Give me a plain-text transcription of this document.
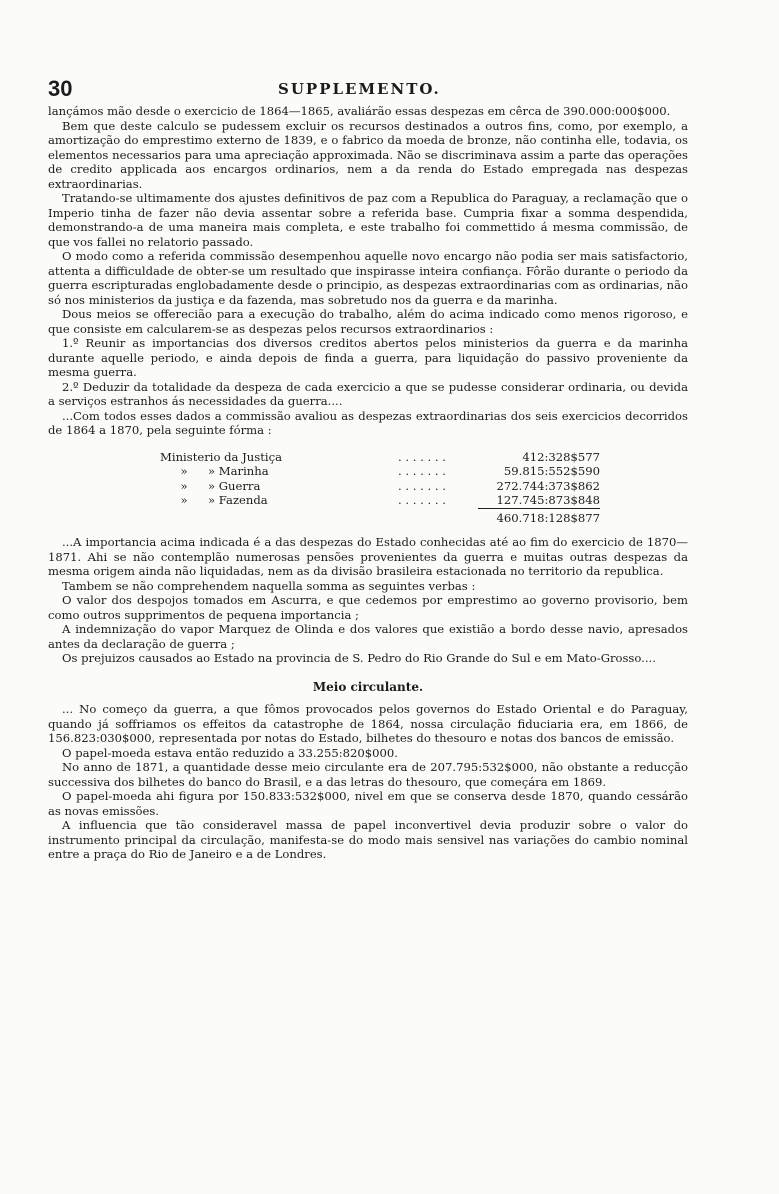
30	SUPPLEMENTO.

lançámos mão desde o exercicio de 1864—1865, avaliárão essas despezas em cêrca de 390.000:000$000.

Bem que deste calculo se pudessem excluir os recursos destinados a outros fins, como, por exemplo, a amortização do emprestimo externo de 1839, e o fabrico da moeda de bronze, não continha elle, todavia, os elementos necessarios para uma apreciação approximada. Não se discriminava assim a parte das operações de credito applicada aos encargos ordinarios, nem a da renda do Estado empregada nas despezas extraordinarias.

Tratando-se ultimamente dos ajustes definitivos de paz com a Republica do Paraguay, a reclamação que o Imperio tinha de fazer não devia assentar sobre a referida base. Cumpria fixar a somma despendida, demonstrando-a de uma maneira mais completa, e este trabalho foi commettido á mesma commissão, de que vos fallei no relatorio passado.

O modo como a referida commissão desempenhou aquelle novo encargo não podia ser mais satisfactorio, attenta a difficuldade de obter-se um resultado que inspirasse inteira confiança. Fôrão durante o periodo da guerra escripturadas englobadamente desde o principio, as despezas extraordinarias com as ordinarias, não só nos ministerios da justiça e da fazenda, mas sobretudo nos da guerra e da marinha.

Dous meios se offerecião para a execução do trabalho, além do acima indicado como menos rigoroso, e que consiste em calcularem-se as despezas pelos recursos extraordinarios :

1.º Reunir as importancias dos diversos creditos abertos pelos ministerios da guerra e da marinha durante aquelle periodo, e ainda depois de finda a guerra, para liquidação do passivo proveniente da mesma guerra.

2.º Deduzir da totalidade da despeza de cada exercicio a que se pudesse considerar ordinaria, ou devida a serviços estranhos ás necessidades da guerra....

...Com todos esses dados a commissão avaliou as despezas extraordinarias dos seis exercicios decorridos de 1864 a 1870, pela seguinte fórma :

Ministerio da Justiça		. . . . . . .	412:328$577
»	» Marinha	. . . . . . .	59.815:552$590
»	» Guerra	. . . . . . .	272.744:373$862
»	» Fazenda	. . . . . . .	127.745:873$848
			460.718:128$877

...A importancia acima indicada é a das despezas do Estado conhecidas até ao fim do exercicio de 1870—1871. Ahi se não contemplão numerosas pensões provenientes da guerra e muitas outras despezas da mesma origem ainda não liquidadas, nem as da divisão brasileira estacionada no territorio da republica.

Tambem se não comprehendem naquella somma as seguintes verbas :

O valor dos despojos tomados em Ascurra, e que cedemos por emprestimo ao governo provisorio, bem como outros supprimentos de pequena importancia ;

A indemnização do vapor Marquez de Olinda e dos valores que existião a bordo desse navio, apresados antes da declaração de guerra ;

Os prejuizos causados ao Estado na provincia de S. Pedro do Rio Grande do Sul e em Mato-Grosso....

Meio circulante.

... No começo da guerra, a que fômos provocados pelos governos do Estado Oriental e do Paraguay, quando já soffriamos os effeitos da catastrophe de 1864, nossa circulação fiduciaria era, em 1866, de 156.823:030$000, representada por notas do Estado, bilhetes do thesouro e notas dos bancos de emissão.

O papel-moeda estava então reduzido a 33.255:820$000.

No anno de 1871, a quantidade desse meio circulante era de 207.795:532$000, não obstante a reducção successiva dos bilhetes do banco do Brasil, e a das letras do thesouro, que começára em 1869.

O papel-moeda ahi figura por 150.833:532$000, nivel em que se conserva desde 1870, quando cessárão as novas emissões.

A influencia que tão consideravel massa de papel inconvertivel devia produzir sobre o valor do instrumento principal da circulação, manifesta-se do modo mais sensivel nas variações do cambio nominal entre a praça do Rio de Janeiro e a de Londres.
